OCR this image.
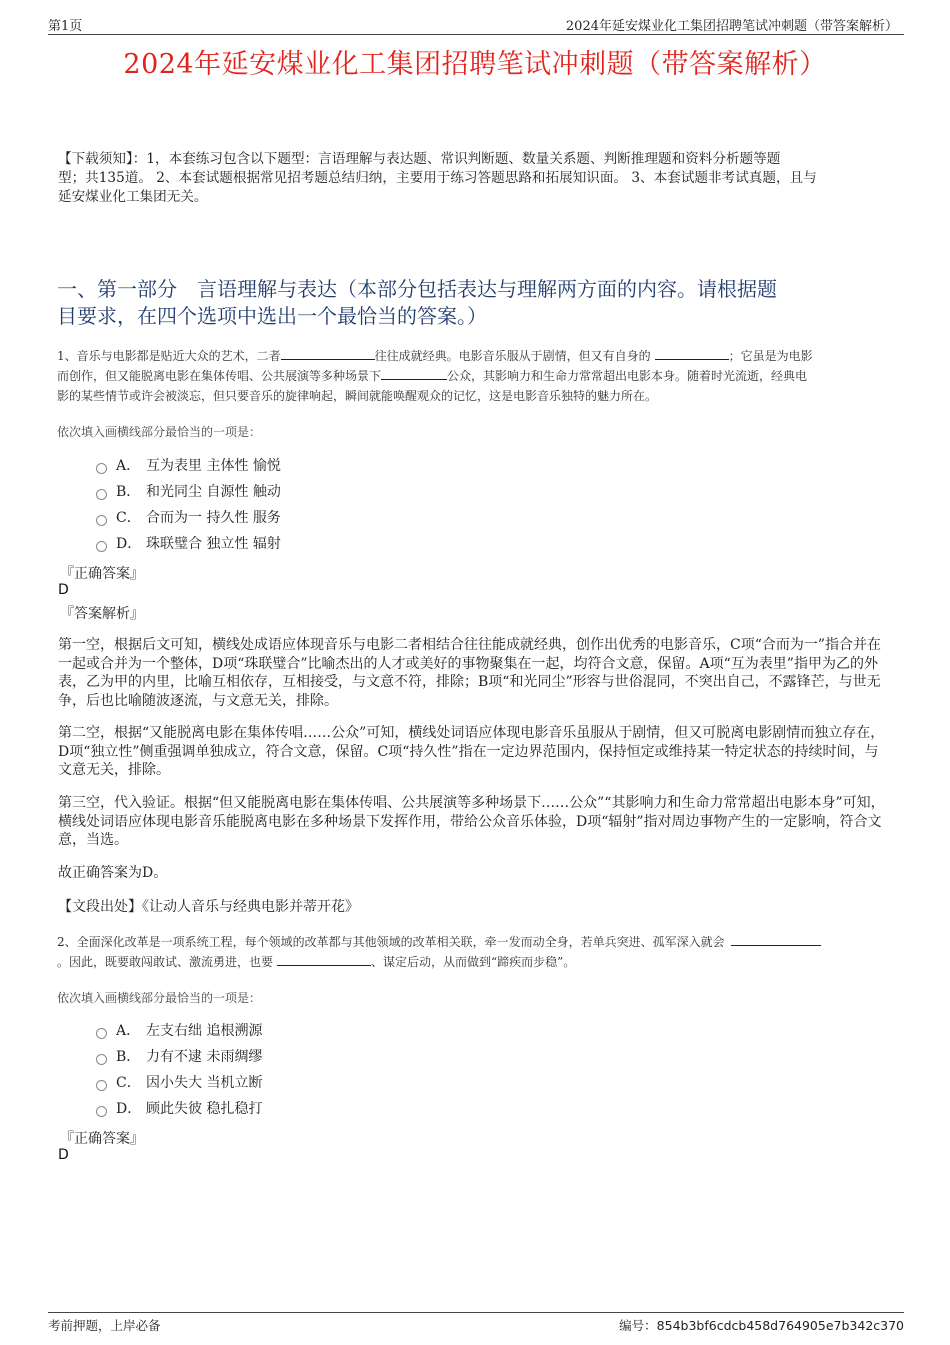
第1页	2024年延安煤业化工集团招聘笔试冲刺题（带答案解析）
2024年延安煤业化工集团招聘笔试冲刺题（带答案解析）
【下载须知】：1，本套练习包含以下题型：言语理解与表达题、常识判断题、数量关系题、判断推理题和资料分析题等题
型；共135道。 2、本套试题根据常见招考题总结归纳，主要用于练习答题思路和拓展知识面。 3、本套试题非考试真题，且与
延安煤业化工集团无关。
一、第一部分　言语理解与表达（本部分包括表达与理解两方面的内容。请根据题
目要求，在四个选项中选出一个最恰当的答案。）
1、音乐与电影都是贴近大众的艺术，二者	往往成就经典。电影音乐服从于剧情，但又有自身的	；它虽是为电影
而创作，但又能脱离电影在集体传唱、公共展演等多种场景下	公众，其影响力和生命力常常超出电影本身。随着时光流逝，经典电
影的某些情节或许会被淡忘，但只要音乐的旋律响起，瞬间就能唤醒观众的记忆，这是电影音乐独特的魅力所在。
依次填入画横线部分最恰当的一项是：
A． 互为表里 主体性 愉悦
B． 和光同尘 自源性 触动
C． 合而为一 持久性 服务
D． 珠联璧合 独立性 辐射
『正确答案』
D
『答案解析』
第一空，根据后文可知，横线处成语应体现音乐与电影二者相结合往往能成就经典，创作出优秀的电影音乐，C项“合而为一”指合并在一起或合并为一个整体，D项“珠联璧合”比喻杰出的人才或美好的事物聚集在一起，均符合文意，保留。A项“互为表里”指甲为乙的外表，乙为甲的内里，比喻互相依存，互相接受，与文意不符，排除；B项“和光同尘”形容与世俗混同，不突出自己，不露锋芒，与世无争，后也比喻随波逐流，与文意无关，排除。
第二空，根据“又能脱离电影在集体传唱……公众”可知，横线处词语应体现电影音乐虽服从于剧情，但又可脱离电影剧情而独立存在，D项“独立性”侧重强调单独成立，符合文意，保留。C项“持久性”指在一定边界范围内，保持恒定或维持某一特定状态的持续时间，与文意无关，排除。
第三空，代入验证。根据“但又能脱离电影在集体传唱、公共展演等多种场景下……公众”“其影响力和生命力常常超出电影本身”可知，横线处词语应体现电影音乐能脱离电影在多种场景下发挥作用，带给公众音乐体验，D项“辐射”指对周边事物产生的一定影响，符合文意，当选。
故正确答案为D。
【文段出处】《让动人音乐与经典电影并蒂开花》
2、全面深化改革是一项系统工程，每个领域的改革都与其他领域的改革相关联，牵一发而动全身，若单兵突进、孤军深入就会
。因此，既要敢闯敢试、激流勇进，也要	、谋定后动，从而做到“蹄疾而步稳”。
依次填入画横线部分最恰当的一项是：
A． 左支右绌 追根溯源
B． 力有不逮 未雨绸缪
C． 因小失大 当机立断
D． 顾此失彼 稳扎稳打
『正确答案』
D
考前押题，上岸必备	编号：854b3bf6cdcb458d764905e7b342c370
